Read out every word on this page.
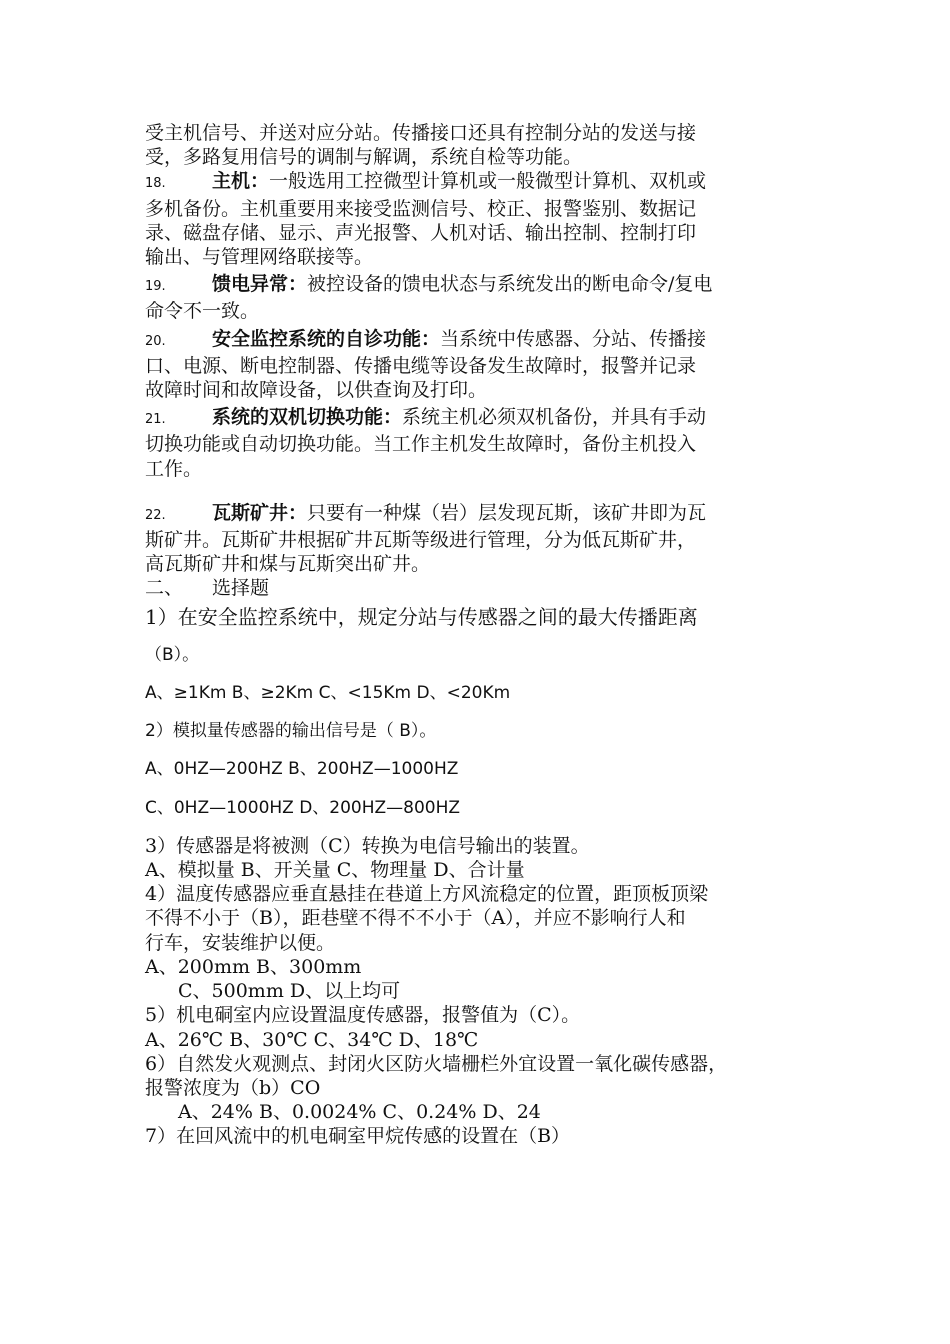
受主机信号、并送对应分站。传播接口还具有控制分站的发送与接
受，多路复用信号的调制与解调，系统自检等功能。
18. 主机：一般选用工控微型计算机或一般微型计算机、双机或
多机备份。主机重要用来接受监测信号、校正、报警鉴别、数据记
录、磁盘存储、显示、声光报警、人机对话、输出控制、控制打印
输出、与管理网络联接等。
19. 馈电异常：被控设备的馈电状态与系统发出的断电命令/复电
命令不一致。
20. 安全监控系统的自诊功能：当系统中传感器、分站、传播接
口、电源、断电控制器、传播电缆等设备发生故障时，报警并记录
故障时间和故障设备，以供查询及打印。
21. 系统的双机切换功能：系统主机必须双机备份，并具有手动
切换功能或自动切换功能。当工作主机发生故障时，备份主机投入
工作。
22. 瓦斯矿井：只要有一种煤（岩）层发现瓦斯，该矿井即为瓦
斯矿井。瓦斯矿井根据矿井瓦斯等级进行管理，分为低瓦斯矿井，
高瓦斯矿井和煤与瓦斯突出矿井。
二、 选择题
1）在安全监控系统中，规定分站与传感器之间的最大传播距离
（B）。
A、≥1Km B、≥2Km C、<15Km D、<20Km
2）模拟量传感器的输出信号是（ B）。
A、0HZ—200HZ B、200HZ—1000HZ
C、0HZ—1000HZ D、200HZ—800HZ
3）传感器是将被测（C）转换为电信号输出的装置。
A、模拟量 B、开关量 C、物理量 D、合计量
4）温度传感器应垂直悬挂在巷道上方风流稳定的位置，距顶板顶梁
不得不小于（B），距巷壁不得不不小于（A），并应不影响行人和
行车，安装维护以便。
A、200mm B、300mm
C、500mm D、以上均可
5）机电硐室内应设置温度传感器，报警值为（C）。
A、26℃ B、30℃ C、34℃ D、18℃
6）自然发火观测点、封闭火区防火墙栅栏外宜设置一氧化碳传感器，
报警浓度为（b）CO
A、24% B、0.0024% C、0.24% D、24
7）在回风流中的机电硐室甲烷传感的设置在（B）
